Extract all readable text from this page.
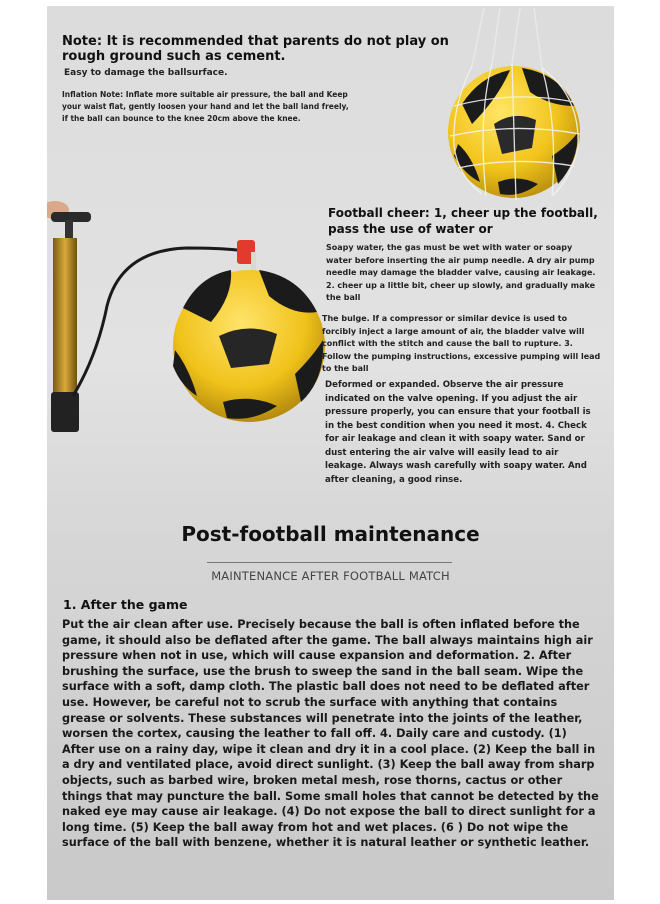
Note: It is recommended that parents do not play on rough ground such as cement.
Easy to damage the ballsurface.
Inflation Note: Inflate more suitable air pressure, the ball and Keep your waist flat, gently loosen your hand and let the ball land freely, if the ball can bounce to the knee 20cm above the knee.
Football cheer: 1, cheer up the football, pass the use of water or
Soapy water, the gas must be wet with water or soapy water before inserting the air pump needle. A dry air pump needle may damage the bladder valve, causing air leakage. 2. cheer up a little bit, cheer up slowly, and gradually make the ball
The bulge. If a compressor or similar device is used to forcibly inject a large amount of air, the bladder valve will conflict with the stitch and cause the ball to rupture. 3. Follow the pumping instructions, excessive pumping will lead to the ball
Deformed or expanded. Observe the air pressure indicated on the valve opening. If you adjust the air pressure properly, you can ensure that your football is in the best condition when you need it most. 4. Check for air leakage and clean it with soapy water. Sand or dust entering the air valve will easily lead to air leakage. Always wash carefully with soapy water. And after cleaning, a good rinse.
Post-football maintenance
MAINTENANCE AFTER FOOTBALL MATCH
1. After the game
Put the air clean after use. Precisely because the ball is often inflated before the game, it should also be deflated after the game. The ball always maintains high air pressure when not in use, which will cause expansion and deformation. 2. After brushing the surface, use the brush to sweep the sand in the ball seam. Wipe the surface with a soft, damp cloth. The plastic ball does not need to be deflated after use. However, be careful not to scrub the surface with anything that contains grease or solvents. These substances will penetrate into the joints of the leather, worsen the cortex, causing the leather to fall off. 4. Daily care and custody. (1) After use on a rainy day, wipe it clean and dry it in a cool place. (2) Keep the ball in a dry and ventilated place, avoid direct sunlight. (3) Keep the ball away from sharp objects, such as barbed wire, broken metal mesh, rose thorns, cactus or other things that may puncture the ball. Some small holes that cannot be detected by the naked eye may cause air leakage. (4) Do not expose the ball to direct sunlight for a long time. (5) Keep the ball away from hot and wet places. (6 ) Do not wipe the surface of the ball with benzene, whether it is natural leather or synthetic leather.
